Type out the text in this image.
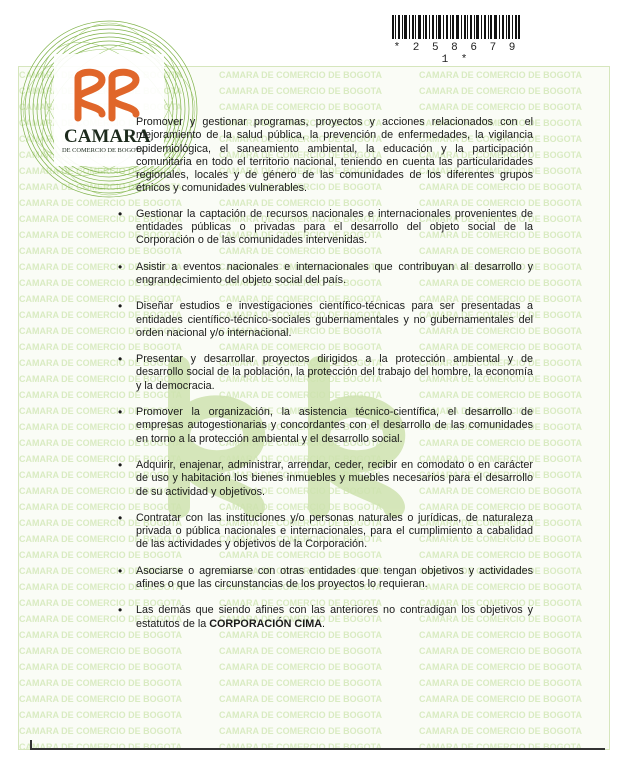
CAMARA
DE COMERCIO DE BOGOTA
* 2 5 8 6 7 9 1 *

Promover y gestionar programas, proyectos y acciones relacionados con el mejoramiento de la salud pública, la prevención de enfermedades, la vigilancia epidemiológica, el saneamiento ambiental, la educación y la participación comunitaria en todo el territorio nacional, teniendo en cuenta las particularidades regionales, locales y de género de las comunidades de los diferentes grupos étnicos y comunidades vulnerables.

• Gestionar la captación de recursos nacionales e internacionales provenientes de entidades públicas o privadas para el desarrollo del objeto social de la Corporación o de las comunidades intervenidas.
• Asistir a eventos nacionales e internacionales que contribuyan al desarrollo y engrandecimiento del objeto social del país.
• Diseñar estudios e investigaciones científico-técnicas para ser presentadas a entidades científico-técnico-sociales gubernamentales y no gubernamentales del orden nacional y/o internacional.
• Presentar y desarrollar proyectos dirigidos a la protección ambiental y de desarrollo social de la población, la protección del trabajo del hombre, la economía y la democracia.
• Promover la organización, la asistencia técnico-científica, el desarrollo de empresas autogestionarias y concordantes con el desarrollo de las comunidades en torno a la protección ambiental y el desarrollo social.
• Adquirir, enajenar, administrar, arrendar, ceder, recibir en comodato o en carácter de uso y habitación los bienes inmuebles y muebles necesarios para el desarrollo de su actividad y objetivos.
• Contratar con las instituciones y/o personas naturales o jurídicas, de naturaleza privada o pública nacionales e internacionales, para el cumplimiento a cabalidad de las actividades y objetivos de la Corporación.
• Asociarse o agremiarse con otras entidades que tengan objetivos y actividades afines o que las circunstancias de los proyectos lo requieran.
• Las demás que siendo afines con las anteriores no contradigan los objetivos y estatutos de la CORPORACIÓN CIMA.
